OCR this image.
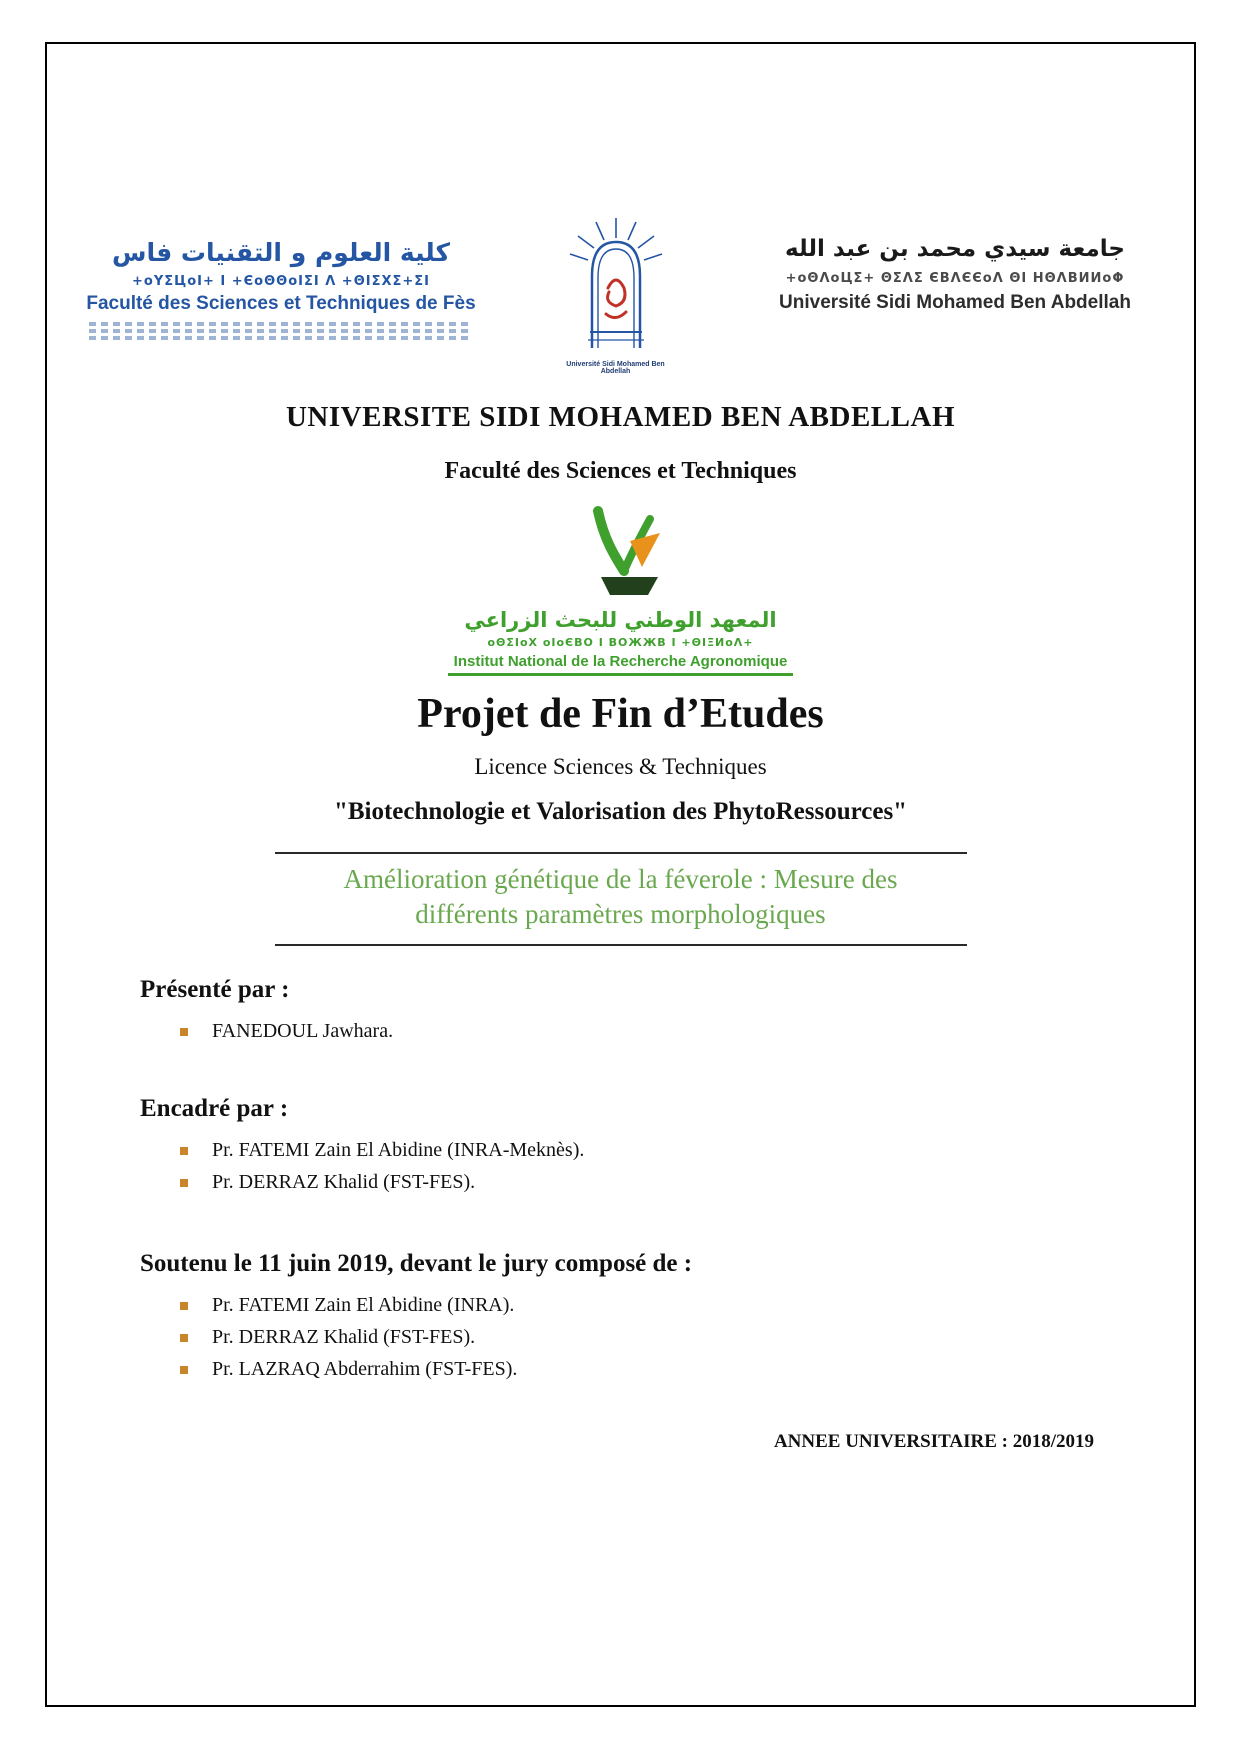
كلية العلوم و التقنيات فاس
+oYΣЦoI+ I +ЄoΘΘoIΣI Λ +ΘIΣXΣ+ΣI
Faculté des Sciences et Techniques de Fès
Université Sidi Mohamed Ben Abdellah
جامعة سيدي محمد بن عبد الله
+oΘΛoЦΣ+ ΘΣΛΣ ЄΒΛЄЄoΛ ΘI ΗΘΛΒИИoΦ
Université Sidi Mohamed Ben Abdellah
UNIVERSITE SIDI MOHAMED BEN ABDELLAH
Faculté des Sciences et Techniques
المعهد الوطني للبحث الزراعي
oΘΣIoX oIoЄΒΟ I ΒΟЖЖΒ I +ΘIΞИoΛ+
Institut National de la Recherche Agronomique
Projet de Fin d’Etudes
Licence Sciences & Techniques
"Biotechnologie et Valorisation des PhytoRessources"
Amélioration génétique de la féverole : Mesure des
différents paramètres morphologiques
Présenté par :
FANEDOUL Jawhara.
Encadré par :
Pr. FATEMI Zain El Abidine (INRA-Meknès).
Pr. DERRAZ Khalid (FST-FES).
Soutenu le 11 juin 2019, devant le jury composé de :
Pr. FATEMI Zain El Abidine (INRA).
Pr. DERRAZ Khalid (FST-FES).
Pr. LAZRAQ Abderrahim (FST-FES).
ANNEE UNIVERSITAIRE : 2018/2019
